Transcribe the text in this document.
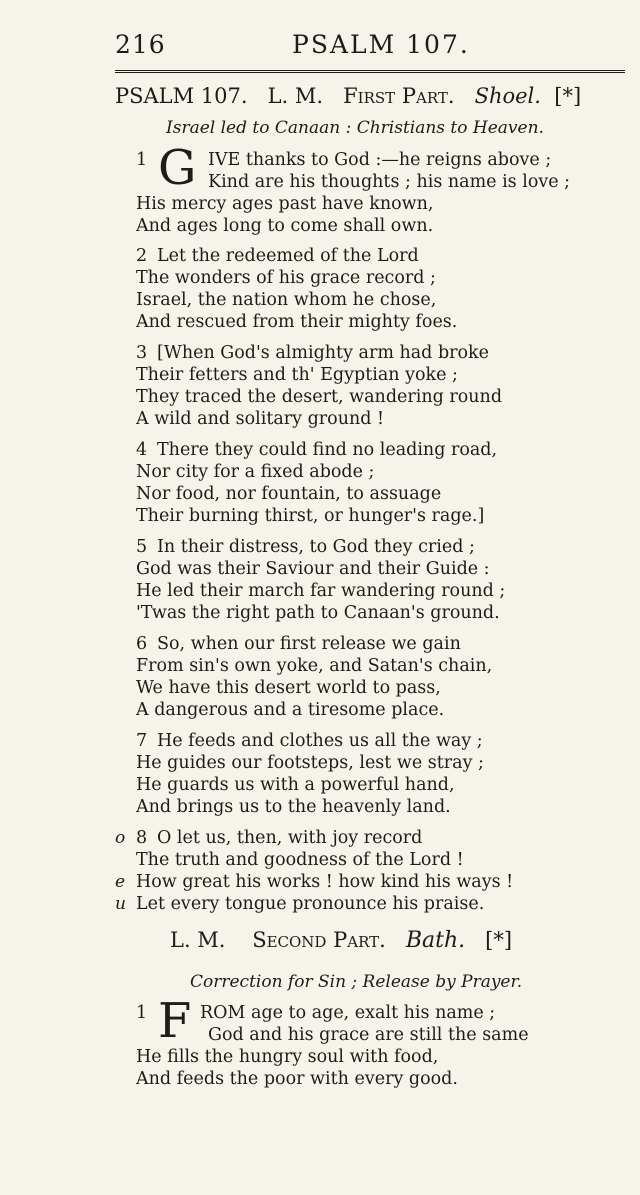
216	PSALM 107.
PSALM 107. L. M. First Part. Shoel. [*]
Israel led to Canaan : Christians to Heaven.
1 G IVE thanks to God :—he reigns above ;
Kind are his thoughts ; his name is love ;
His mercy ages past have known,
And ages long to come shall own.
2 Let the redeemed of the Lord
The wonders of his grace record ;
Israel, the nation whom he chose,
And rescued from their mighty foes.
3 [When God's almighty arm had broke
Their fetters and th' Egyptian yoke ;
They traced the desert, wandering round
A wild and solitary ground !
4 There they could find no leading road,
Nor city for a fixed abode ;
Nor food, nor fountain, to assuage
Their burning thirst, or hunger's rage.]
5 In their distress, to God they cried ;
God was their Saviour and their Guide :
He led their march far wandering round ;
'Twas the right path to Canaan's ground.
6 So, when our first release we gain
From sin's own yoke, and Satan's chain,
We have this desert world to pass,
A dangerous and a tiresome place.
7 He feeds and clothes us all the way ;
He guides our footsteps, lest we stray ;
He guards us with a powerful hand,
And brings us to the heavenly land.
o 8 O let us, then, with joy record
The truth and goodness of the Lord !
e How great his works ! how kind his ways !
u Let every tongue pronounce his praise.
L. M. Second Part. Bath. [*]
Correction for Sin ; Release by Prayer.
1 F ROM age to age, exalt his name ;
God and his grace are still the same
He fills the hungry soul with food,
And feeds the poor with every good.
